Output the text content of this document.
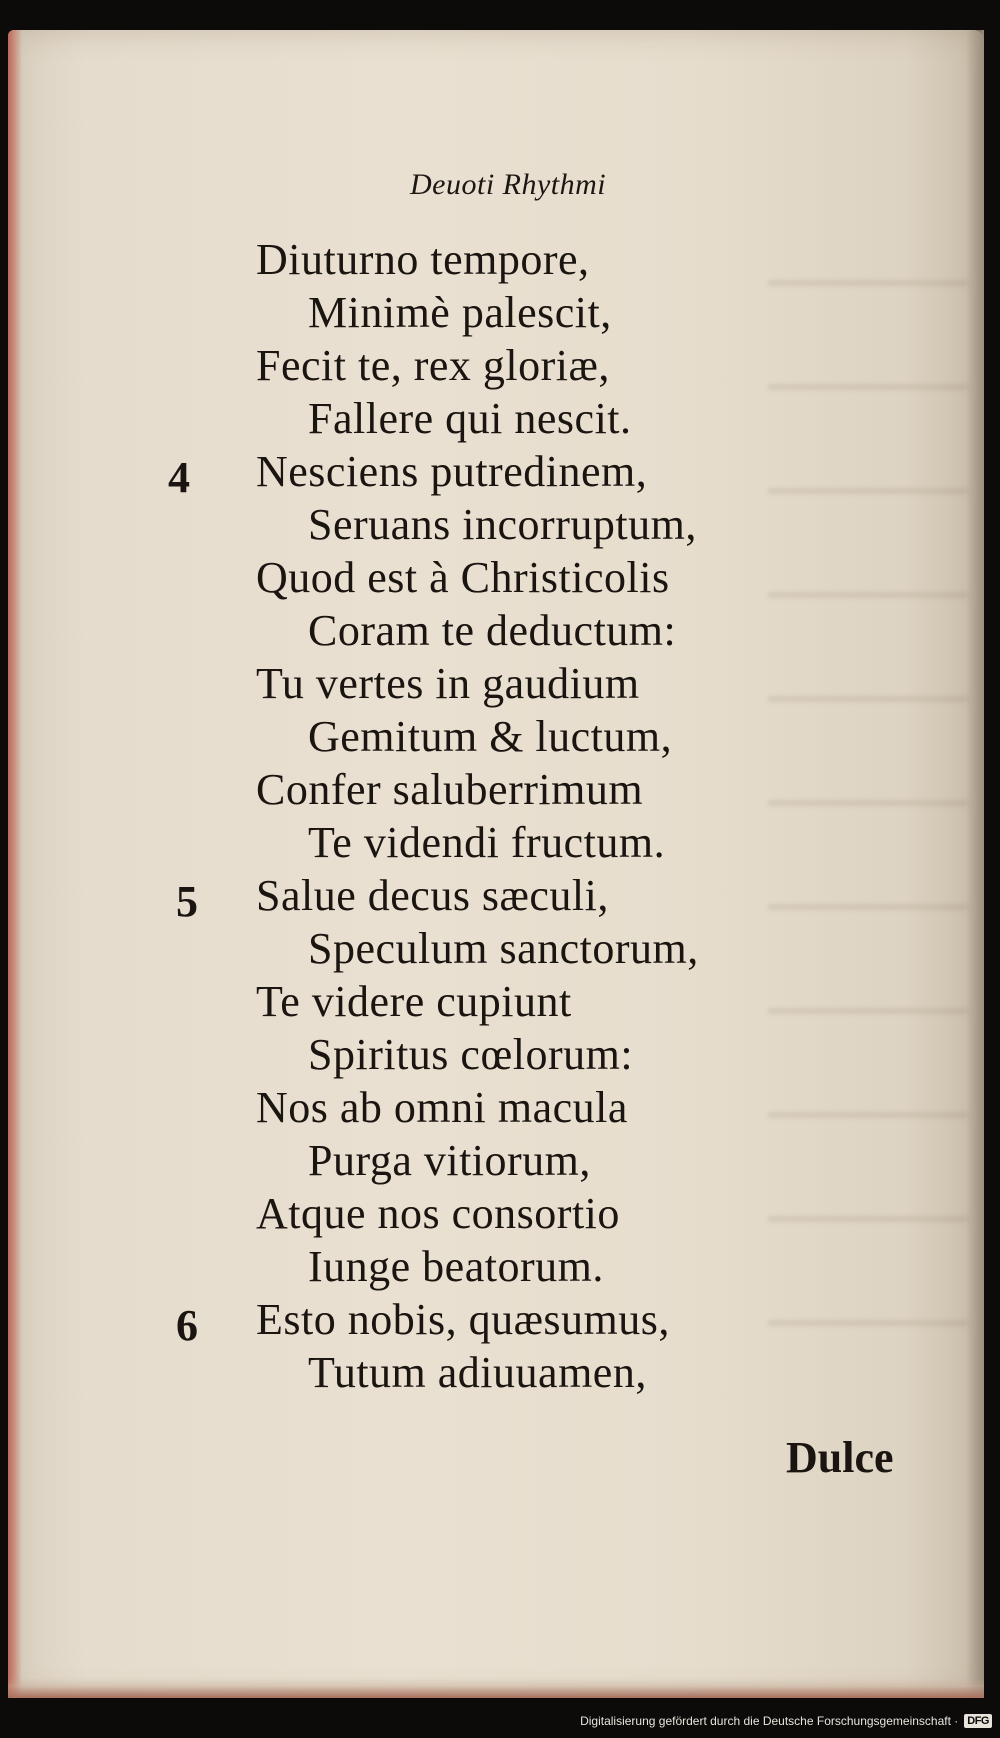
Deuoti Rhythmi
Diuturno tempore,
Minimè palescit,
Fecit te, rex gloriæ,
Fallere qui nescit.
4 Nesciens putredinem,
Seruans incorruptum,
Quod est à Christicolis
Coram te deductum:
Tu vertes in gaudium
Gemitum & luctum,
Confer saluberrimum
Te videndi fructum.
5 Salue decus sæculi,
Speculum sanctorum,
Te videre cupiunt
Spiritus cœlorum:
Nos ab omni macula
Purga vitiorum,
Atque nos consortio
Iunge beatorum.
6 Esto nobis, quæsumus,
Tutum adiuuamen,
Dulce
Digitalisierung gefördert durch die Deutsche Forschungsgemeinschaft · DFG
